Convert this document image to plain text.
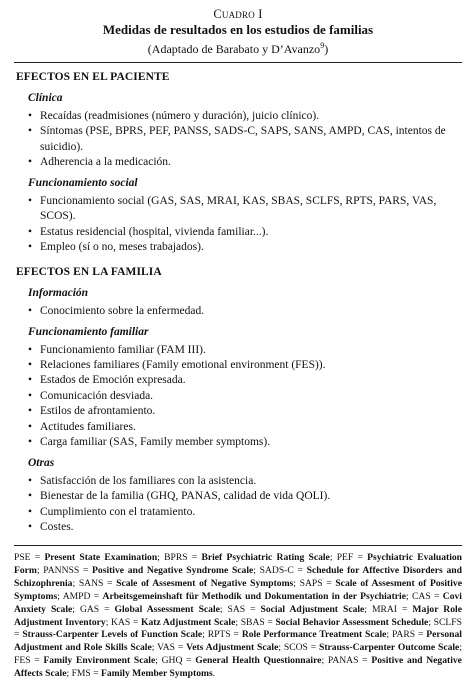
Cuadro I
Medidas de resultados en los estudios de familias
(Adaptado de Barabato y D’Avanzo$^9$)
EFECTOS EN EL PACIENTE
Clínica
• Recaídas (readmisiones (número y duración), juicio clínico).
• Síntomas (PSE, BPRS, PEF, PANSS, SADS-C, SAPS, SANS, AMPD, CAS, intentos de suicidio).
• Adherencia a la medicación.
Funcionamiento social
• Funcionamiento social (GAS, SAS, MRAI, KAS, SBAS, SCLFS, RPTS, PARS, VAS, SCOS).
• Estatus residencial (hospital, vivienda familiar...).
• Empleo (sí o no, meses trabajados).
EFECTOS EN LA FAMILIA
Información
• Conocimiento sobre la enfermedad.
Funcionamiento familiar
• Funcionamiento familiar (FAM III).
• Relaciones familiares (Family emotional environment (FES)).
• Estados de Emoción expresada.
• Comunicación desviada.
• Estilos de afrontamiento.
• Actitudes familiares.
• Carga familiar (SAS, Family member symptoms).
Otras
• Satisfacción de los familiares con la asistencia.
• Bienestar de la familia (GHQ, PANAS, calidad de vida QOLI).
• Cumplimiento con el tratamiento.
• Costes.
PSE = Present State Examination; BPRS = Brief Psychiatric Rating Scale; PEF = Psychiatric Evaluation Form; PANNSS = Positive and Negative Syndrome Scale; SADS-C = Schedule for Affective Disorders and Schizophrenia; SANS = Scale of Assesment of Negative Symptoms; SAPS = Scale of Assesment of Positive Symptoms; AMPD = Arbeitsgemeinshaft für Methodik und Dokumentation in der Psychiatrie; CAS = Covi Anxiety Scale; GAS = Global Assessment Scale; SAS = Social Adjustment Scale; MRAI = Major Role Adjustment Inventory; KAS = Katz Adjustment Scale; SBAS = Social Behavior Assessment Schedule; SCLFS = Strauss-Carpenter Levels of Function Scale; RPTS = Role Performance Treatment Scale; PARS = Personal Adjustment and Role Skills Scale; VAS = Vets Adjustment Scale; SCOS = Strauss-Carpenter Outcome Scale; FES = Family Environment Scale; GHQ = General Health Questionnaire; PANAS = Positive and Negative Affects Scale; FMS = Family Member Symptoms.
